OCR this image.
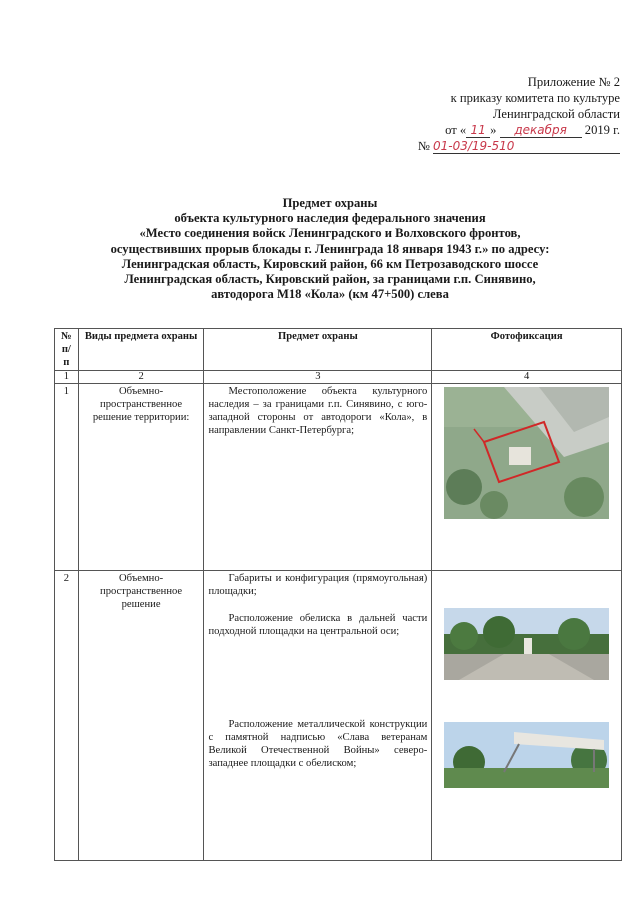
Приложение № 2
к приказу комитета по культуре
Ленинградской области
от « 11 » декабря 2019 г.
№ 01-03/19-510
Предмет охраны
объекта культурного наследия федерального значения
«Место соединения войск Ленинградского и Волховского фронтов,
осуществивших прорыв блокады г. Ленинграда 18 января 1943 г.» по адресу:
Ленинградская область, Кировский район, 66 км Петрозаводского шоссе
Ленинградская область, Кировский район, за границами г.п. Синявино,
автодорога М18 «Кола» (км 47+500) слева
№ п/п	Виды предмета охраны	Предмет охраны	Фотофиксация
1	2	3	4
1	Объемно-пространственное решение территории:	Местоположение объекта культурного наследия – за границами г.п. Синявино, с юго-западной стороны от автодороги «Кола», в направлении Санкт-Петербурга;

2	Объемно-пространственное решение	Габариты и конфигурация (прямоугольная) площадки;
Расположение обелиска в дальней части подходной площадки на центральной оси;
Расположение металлической конструкции с памятной надписью «Слава ветеранам Великой Отечественной Войны» северо-западнее площадки с обелиском;
